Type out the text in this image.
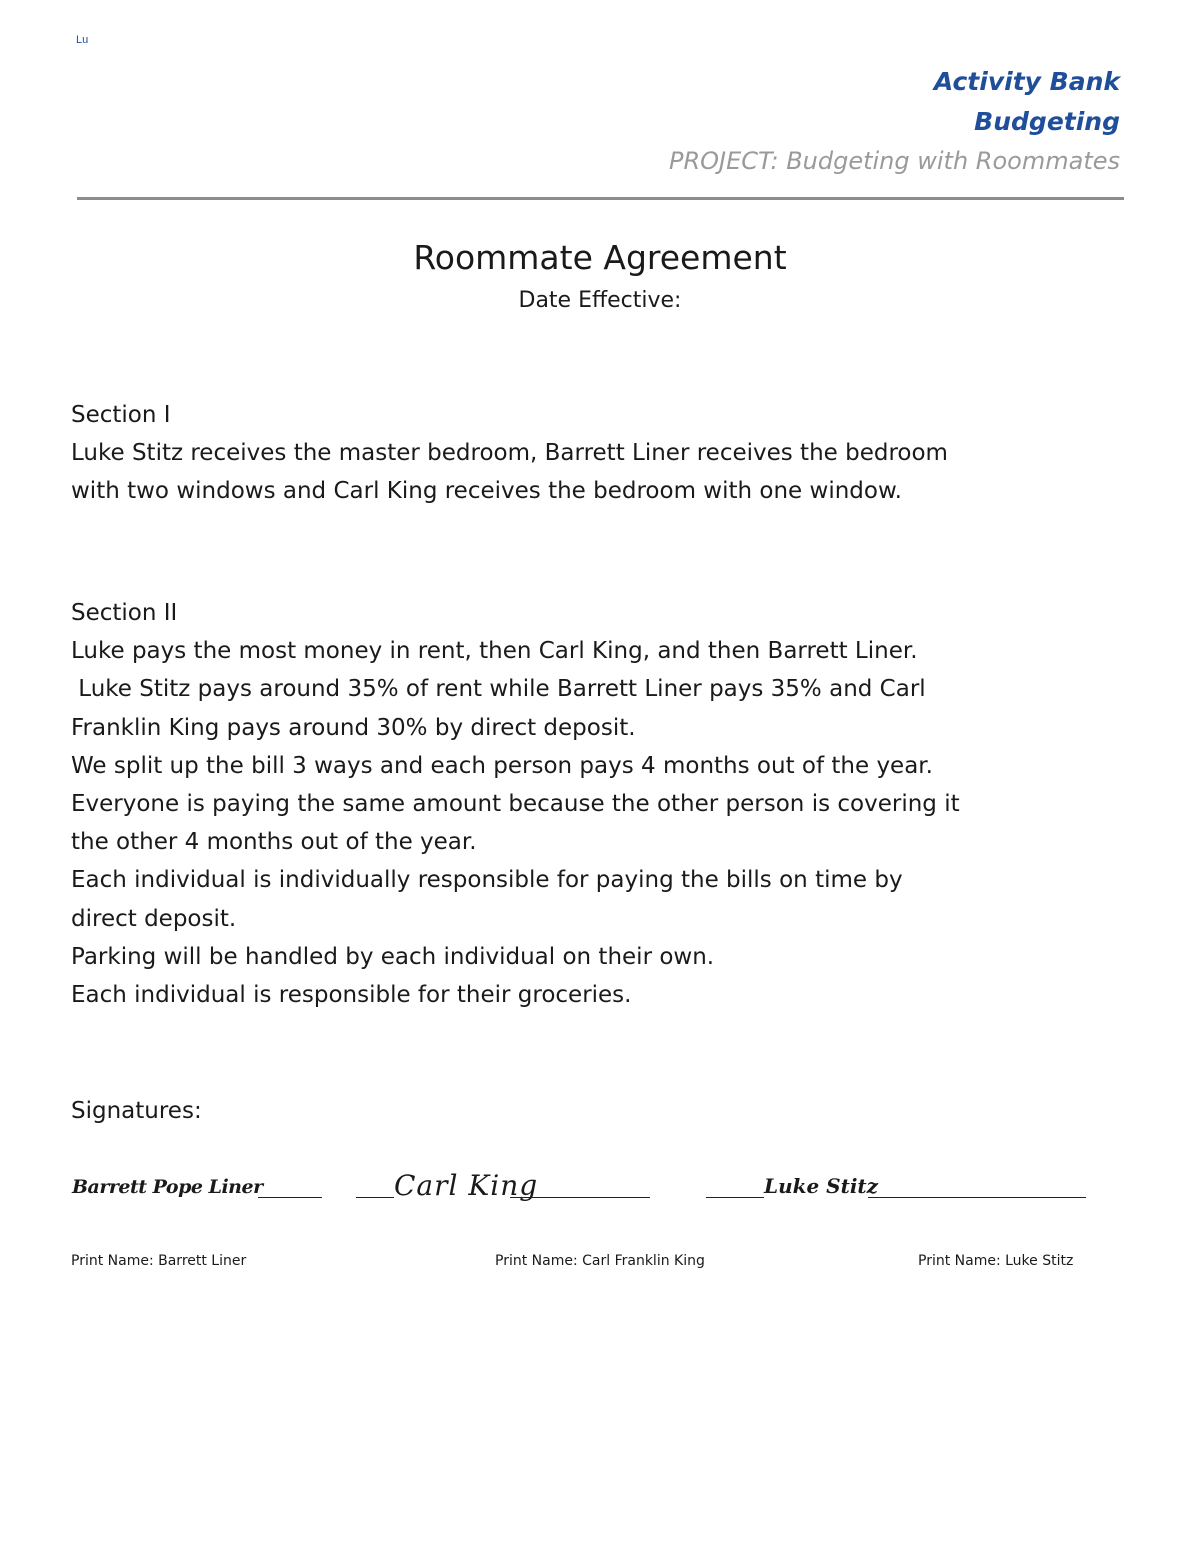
Lu
Activity Bank
Budgeting
PROJECT: Budgeting with Roommates
Roommate Agreement
Date Effective:
Section I
Luke Stitz receives the master bedroom, Barrett Liner receives the bedroom
with two windows and Carl King receives the bedroom with one window.
Section II
Luke pays the most money in rent, then Carl King, and then Barrett Liner.
Luke Stitz pays around 35% of rent while Barrett Liner pays 35% and Carl
Franklin King pays around 30% by direct deposit.
We split up the bill 3 ways and each person pays 4 months out of the year.
Everyone is paying the same amount because the other person is covering it
the other 4 months out of the year.
Each individual is individually responsible for paying the bills on time by
direct deposit.
Parking will be handled by each individual on their own.
Each individual is responsible for their groceries.
Signatures:
Barrett Pope Liner	Carl King	Luke Stitz
Print Name: Barrett Liner	Print Name: Carl Franklin King	Print Name: Luke Stitz
